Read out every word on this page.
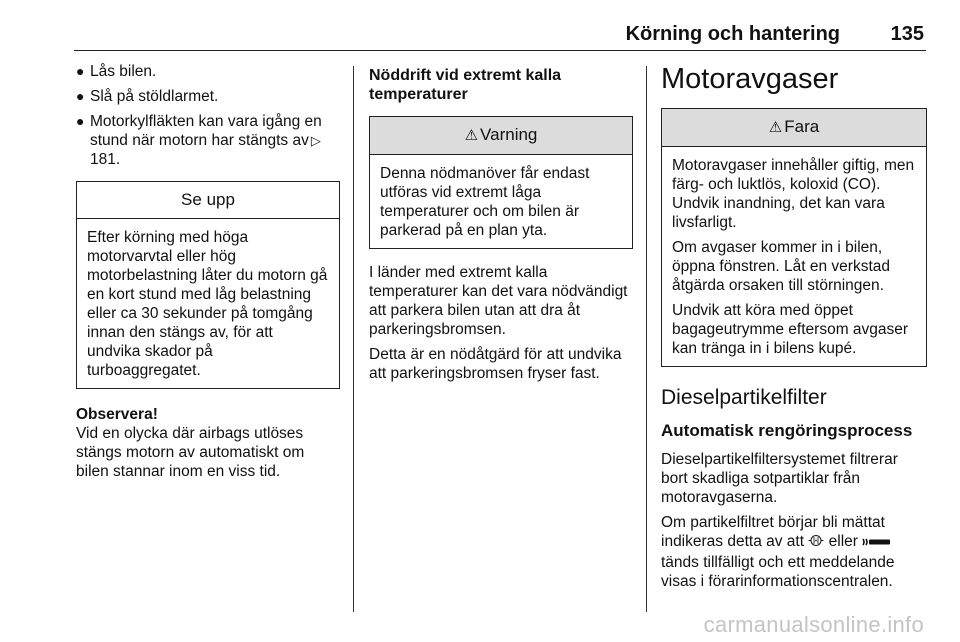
Körning och hantering	135
● Lås bilen.
● Slå på stöldlarmet.
● Motorkylfläkten kan vara igång en stund när motorn har stängts av ▷181.
Se upp

Efter körning med höga motorvarvtal eller hög motorbelastning låter du motorn gå en kort stund med låg belastning eller ca 30 sekunder på tomgång innan den stängs av, för att undvika skador på turboaggregatet.

Observera!

Vid en olycka där airbags utlöses stängs motorn av automatiskt om bilen stannar inom en viss tid.

Nöddrift vid extremt kalla temperaturer
⚠ Varning

Denna nödmanöver får endast utföras vid extremt låga temperaturer och om bilen är parkerad på en plan yta.

I länder med extremt kalla temperaturer kan det vara nödvändigt att parkera bilen utan att dra åt parkeringsbromsen.

Detta är en nödåtgärd för att undvika att parkeringsbromsen fryser fast.

Motoravgaser
⚠ Fara

Motoravgaser innehåller giftig, men färg- och luktlös, koloxid (CO). Undvik inandning, det kan vara livsfarligt.

Om avgaser kommer in i bilen, öppna fönstren. Låt en verkstad åtgärda orsaken till störningen.

Undvik att köra med öppet bagageutrymme eftersom avgaser kan tränga in i bilens kupé.

Dieselpartikelfilter
Automatisk rengöringsprocess

Dieselpartikelfiltersystemet filtrerar bort skadliga sotpartiklar från motoravgaserna.

Om partikelfiltret börjar bli mättat indikeras detta av att eller  tänds tillfälligt och ett meddelande visas i förarinformationscentralen.

carmanualsonline.info
